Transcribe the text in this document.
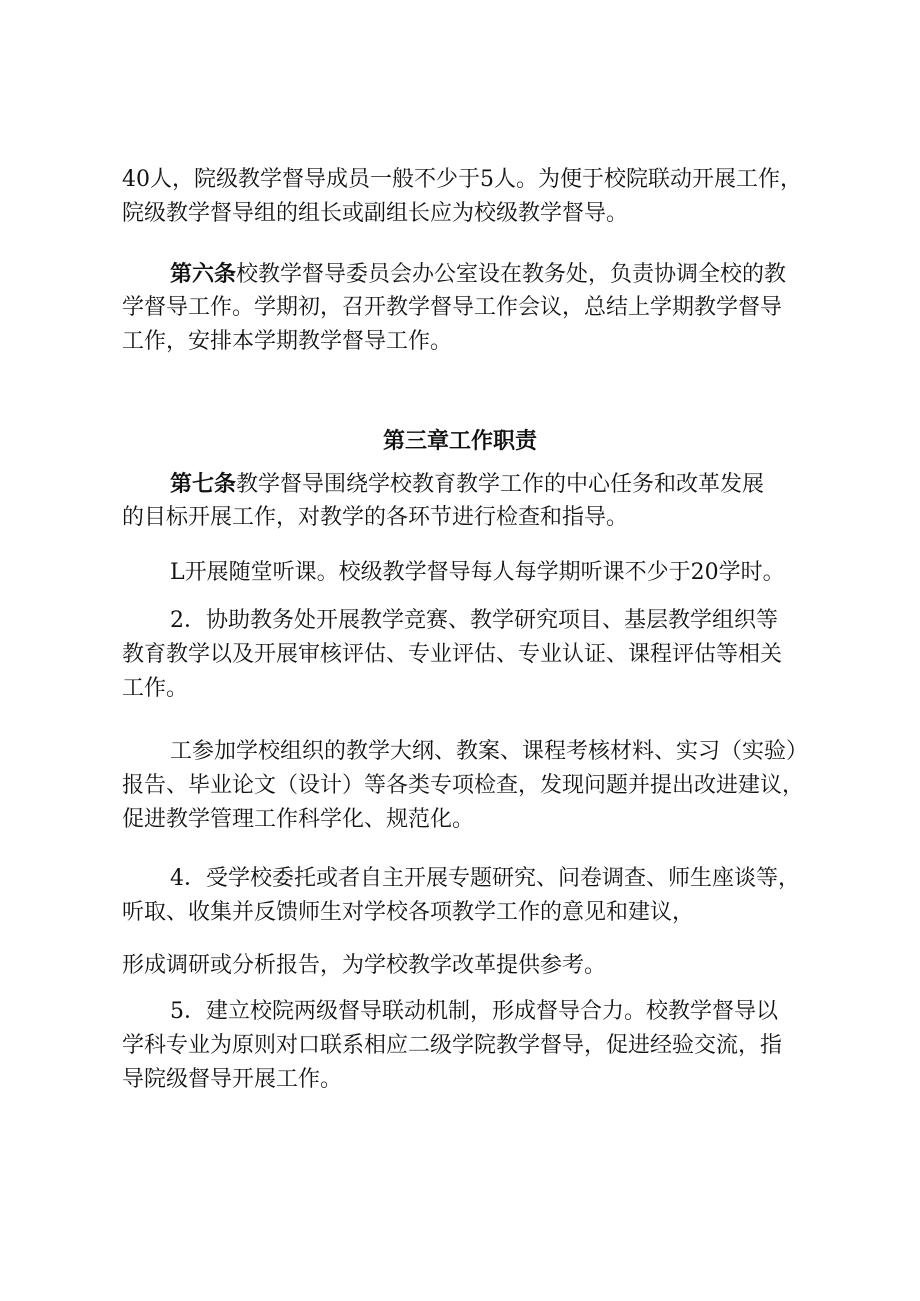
40人，院级教学督导成员一般不少于5人。为便于校院联动开展工作，
院级教学督导组的组长或副组长应为校级教学督导。
第六条校教学督导委员会办公室设在教务处，负责协调全校的教
学督导工作。学期初，召开教学督导工作会议，总结上学期教学督导
工作，安排本学期教学督导工作。
第三章工作职责
第七条教学督导围绕学校教育教学工作的中心任务和改革发展
的目标开展工作，对教学的各环节进行检查和指导。
L开展随堂听课。校级教学督导每人每学期听课不少于20学时。
2．协助教务处开展教学竞赛、教学研究项目、基层教学组织等
教育教学以及开展审核评估、专业评估、专业认证、课程评估等相关
工作。
工参加学校组织的教学大纲、教案、课程考核材料、实习（实验）
报告、毕业论文（设计）等各类专项检查，发现问题并提出改进建议，
促进教学管理工作科学化、规范化。
4．受学校委托或者自主开展专题研究、问卷调查、师生座谈等，
听取、收集并反馈师生对学校各项教学工作的意见和建议，
形成调研或分析报告，为学校教学改革提供参考。
5．建立校院两级督导联动机制，形成督导合力。校教学督导以
学科专业为原则对口联系相应二级学院教学督导，促进经验交流，指
导院级督导开展工作。
